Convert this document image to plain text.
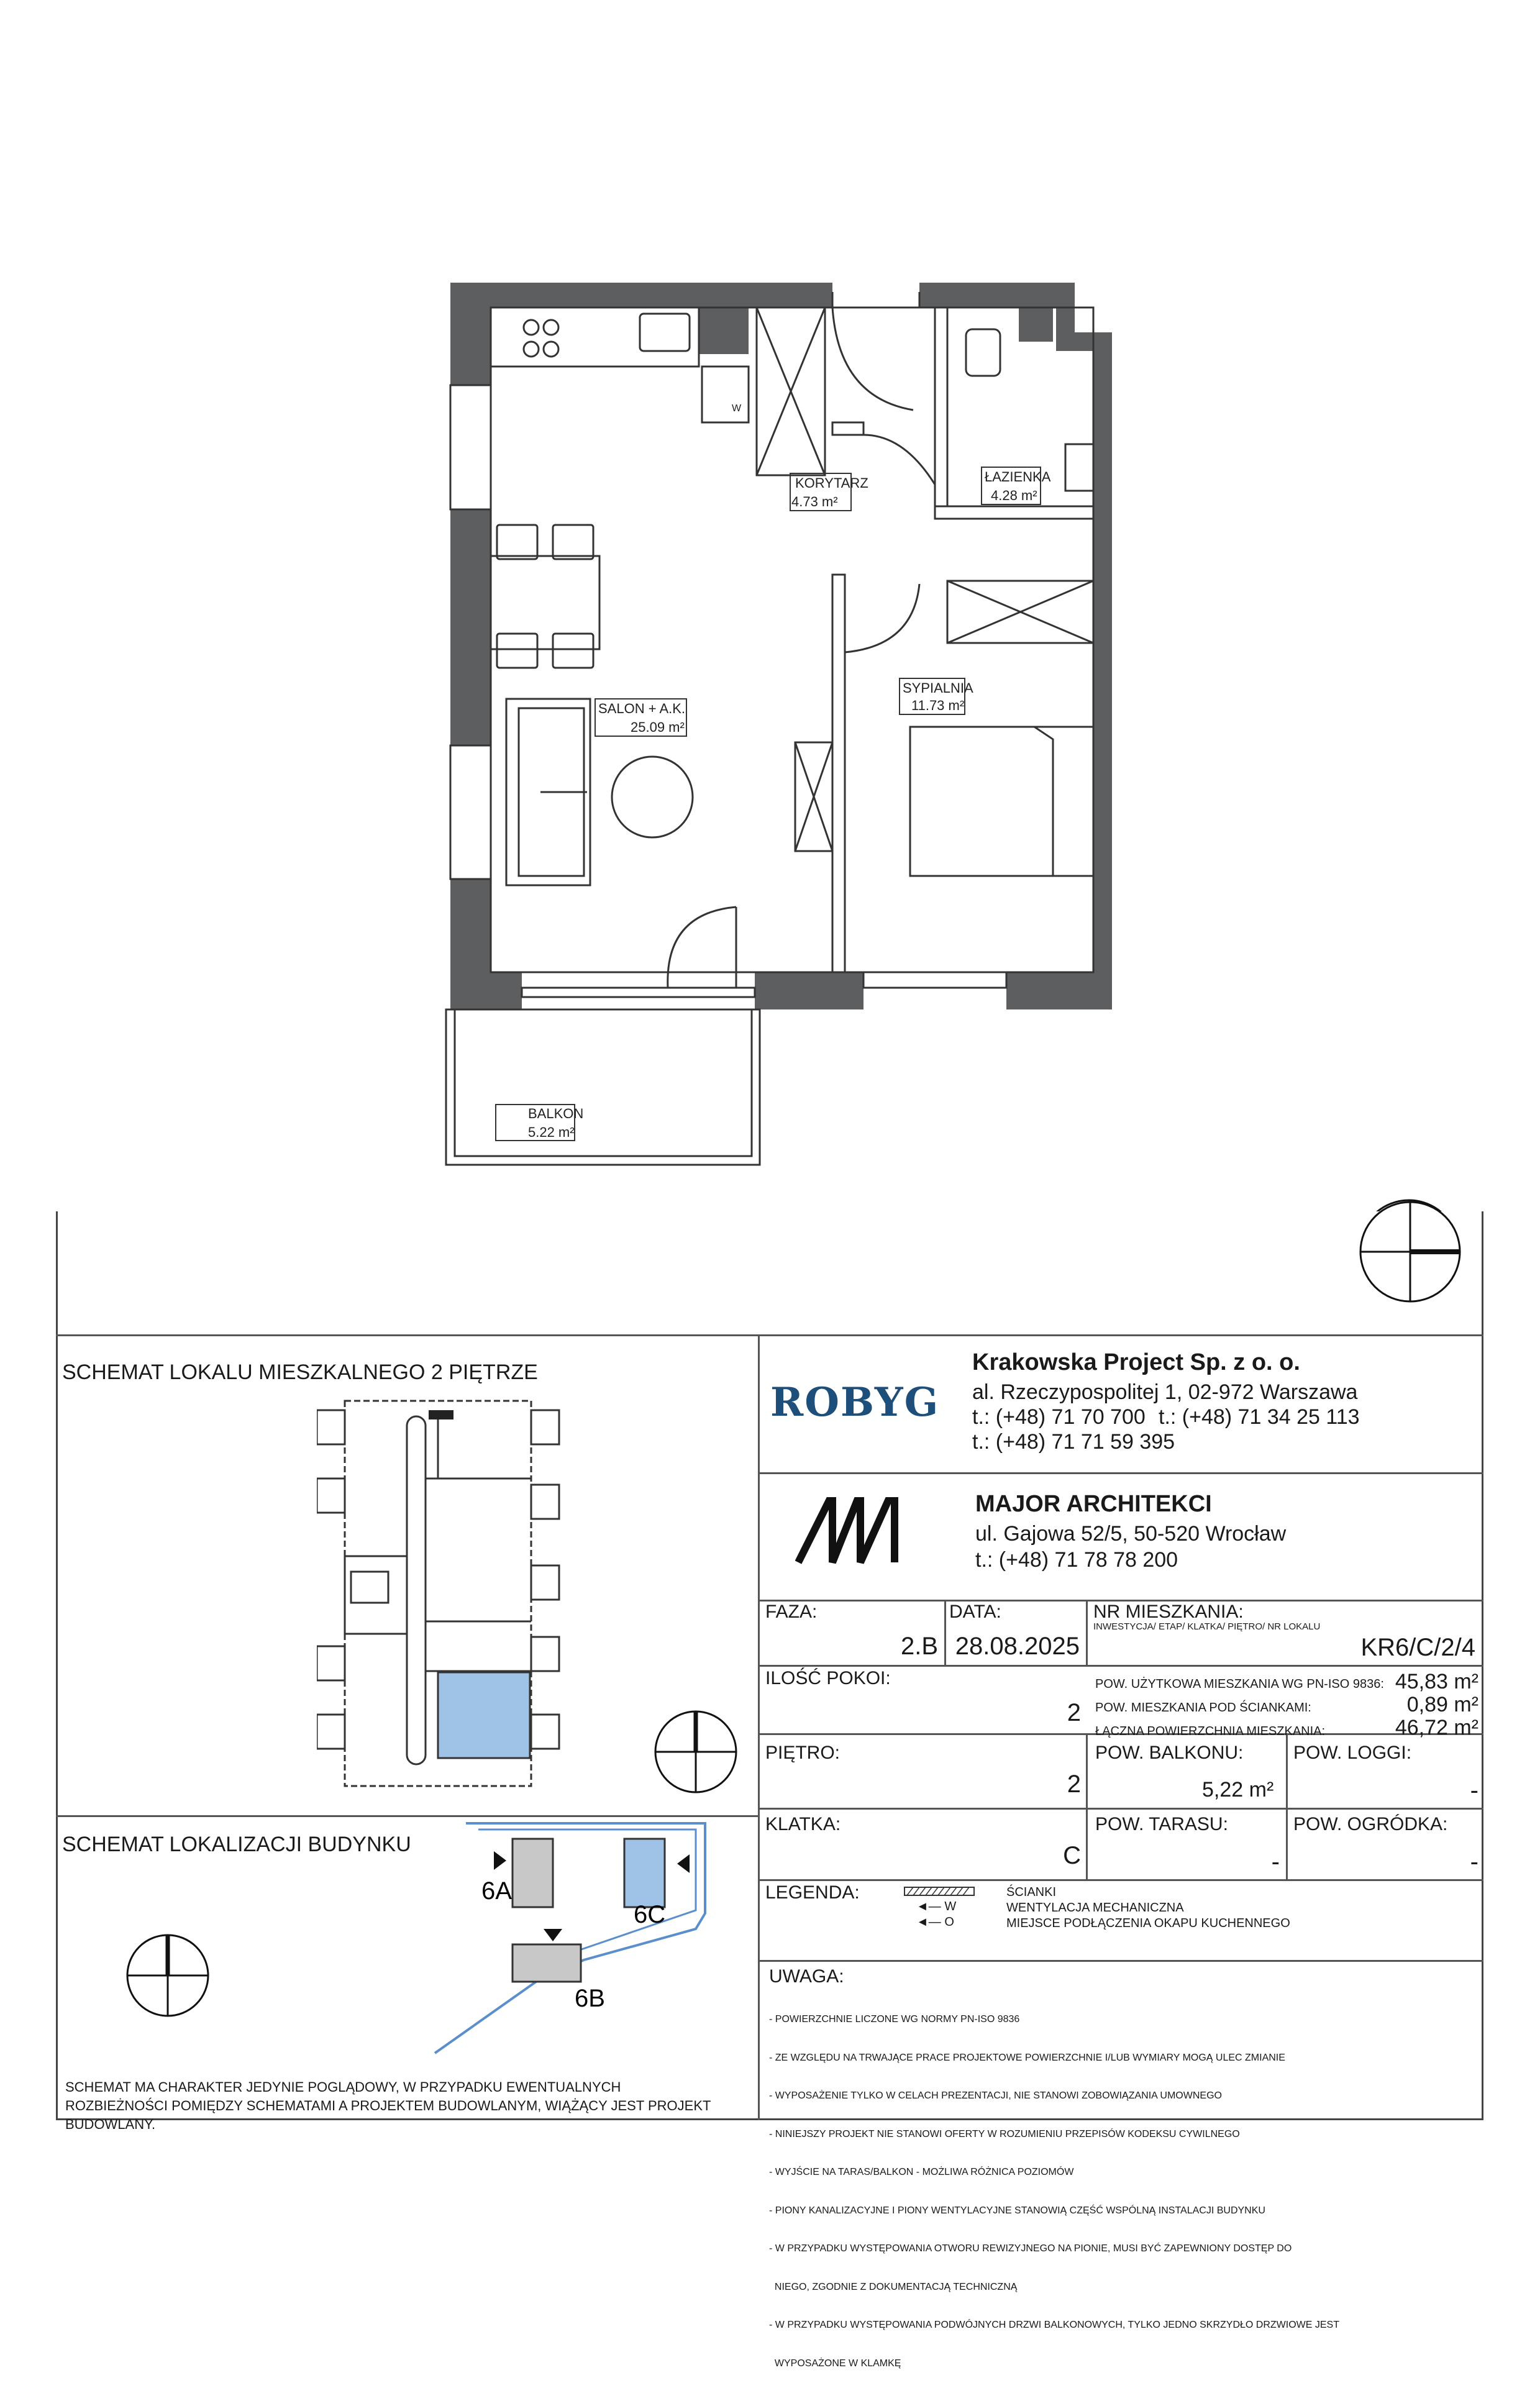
KORYTARZ
4.73 m²
ŁAZIENKA
4.28 m²
SALON + A.K.
25.09 m²
SYPIALNIA
11.73 m²
BALKON
5.22 m²
W
SCHEMAT LOKALU MIESZKALNEGO 2 PIĘTRZE
SCHEMAT LOKALIZACJI BUDYNKU
6A
6B
6C
SCHEMAT MA CHARAKTER JEDYNIE POGLĄDOWY, W PRZYPADKU EWENTUALNYCH ROZBIEŻNOŚCI POMIĘDZY SCHEMATAMI A PROJEKTEM BUDOWLANYM, WIĄŻĄCY JEST PROJEKT BUDOWLANY.
ROBYG
Krakowska Project Sp. z o. o.
al. Rzeczypospolitej 1, 02-972 Warszawa
t.: (+48) 71 70 700 t.: (+48) 71 34 25 113
t.: (+48) 71 71 59 395
MAJOR ARCHITEKCI
ul. Gajowa 52/5, 50-520 Wrocław
t.: (+48) 71 78 78 200
FAZA:
2.B
DATA:
28.08.2025
NR MIESZKANIA:
INWESTYCJA/ ETAP/ KLATKA/ PIĘTRO/ NR LOKALU
KR6/C/2/4
ILOŚĆ POKOI:
2
POW. UŻYTKOWA MIESZKANIA WG PN-ISO 9836: 45,83 m²
POW. MIESZKANIA POD ŚCIANKAMI:	0,89 m²
ŁĄCZNA POWIERZCHNIA MIESZKANIA:	46,72 m²
PIĘTRO:
2
POW. BALKONU:
5,22 m²
POW. LOGGI:
-
KLATKA:
C
POW. TARASU:
-
POW. OGRÓDKA:
-
LEGENDA:
◄— W
◄— O
ŚCIANKI
WENTYLACJA MECHANICZNA
MIEJSCE PODŁĄCZENIA OKAPU KUCHENNEGO
UWAGA:

- POWIERZCHNIE LICZONE WG NORMY PN-ISO 9836

- ZE WZGLĘDU NA TRWAJĄCE PRACE PROJEKTOWE POWIERZCHNIE I/LUB WYMIARY MOGĄ ULEC ZMIANIE

- WYPOSAŻENIE TYLKO W CELACH PREZENTACJI, NIE STANOWI ZOBOWIĄZANIA UMOWNEGO

- NINIEJSZY PROJEKT NIE STANOWI OFERTY W ROZUMIENIU PRZEPISÓW KODEKSU CYWILNEGO

- WYJŚCIE NA TARAS/BALKON - MOŻLIWA RÓŻNICA POZIOMÓW

- PIONY KANALIZACYJNE I PIONY WENTYLACYJNE STANOWIĄ CZĘŚĆ WSPÓLNĄ INSTALACJI BUDYNKU

- W PRZYPADKU WYSTĘPOWANIA OTWORU REWIZYJNEGO NA PIONIE, MUSI BYĆ ZAPEWNIONY DOSTĘP DO

NIEGO, ZGODNIE Z DOKUMENTACJĄ TECHNICZNĄ

- W PRZYPADKU WYSTĘPOWANIA PODWÓJNYCH DRZWI BALKONOWYCH, TYLKO JEDNO SKRZYDŁO DRZWIOWE JEST

WYPOSAŻONE W KLAMKĘ
